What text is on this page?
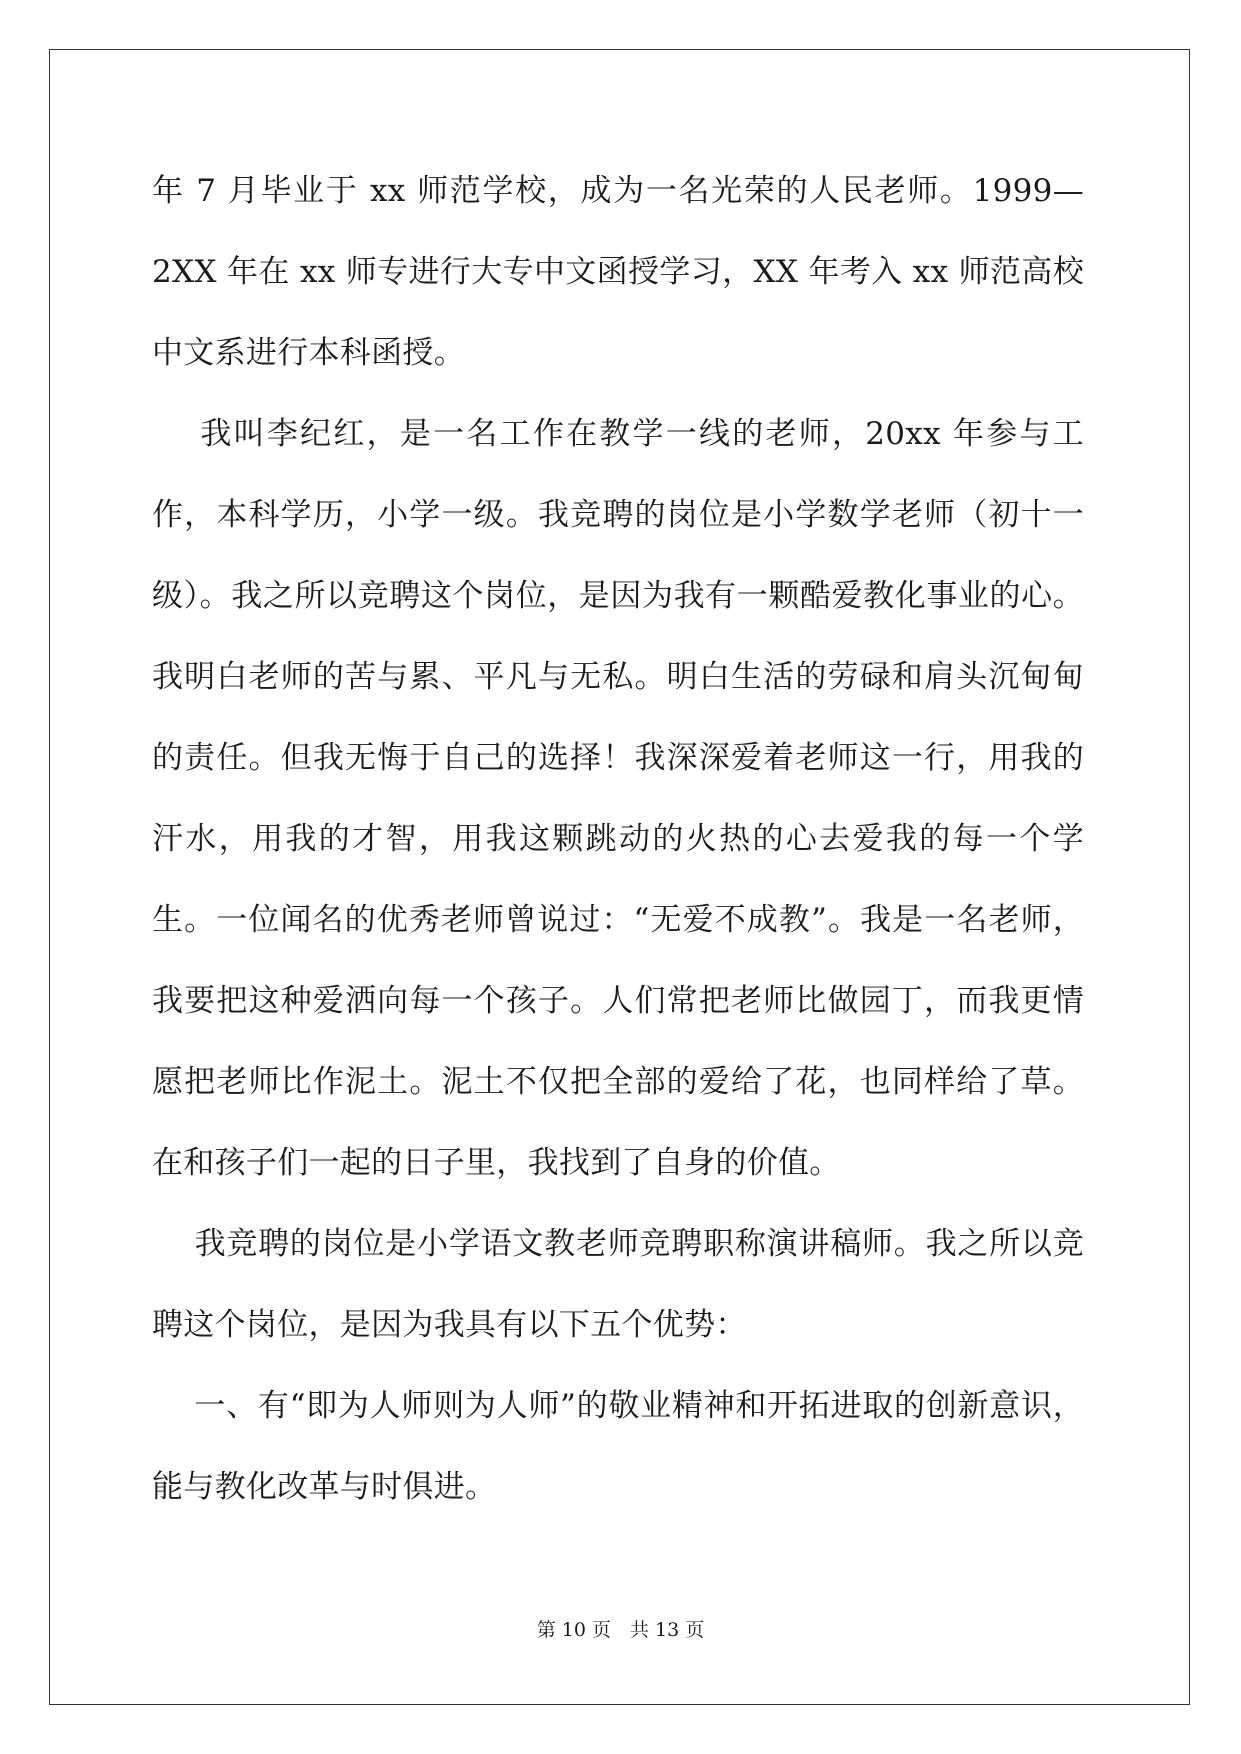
年 7 月毕业于 xx 师范学校，成为一名光荣的人民老师。1999—2XX 年在 xx 师专进行大专中文函授学习，XX 年考入 xx 师范高校中文系进行本科函授。

我叫李纪红，是一名工作在教学一线的老师，20xx 年参与工作，本科学历，小学一级。我竞聘的岗位是小学数学老师（初十一级）。我之所以竞聘这个岗位，是因为我有一颗酷爱教化事业的心。我明白老师的苦与累、平凡与无私。明白生活的劳碌和肩头沉甸甸的责任。但我无悔于自己的选择！我深深爱着老师这一行，用我的汗水，用我的才智，用我这颗跳动的火热的心去爱我的每一个学生。一位闻名的优秀老师曾说过：“无爱不成教”。我是一名老师，我要把这种爱洒向每一个孩子。人们常把老师比做园丁，而我更情愿把老师比作泥土。泥土不仅把全部的爱给了花，也同样给了草。在和孩子们一起的日子里，我找到了自身的价值。

我竞聘的岗位是小学语文教老师竞聘职称演讲稿师。我之所以竞聘这个岗位，是因为我具有以下五个优势：

一、有“即为人师则为人师”的敬业精神和开拓进取的创新意识，能与教化改革与时俱进。

第 10 页　共 13 页
